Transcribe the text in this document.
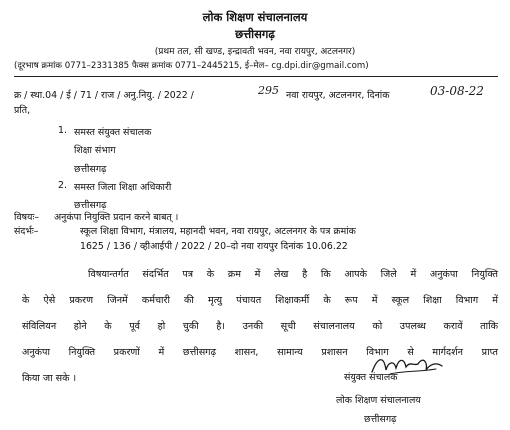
लोक शिक्षण संचालनालय
छत्तीसगढ़
(प्रथम तल, सी खण्ड, इन्द्रावती भवन, नवा रायपुर, अटलनगर)
(दूरभाष क्रमांक 0771–2331385 फैक्स क्रमांक 0771–2445215, ई–मेल– cg.dpi.dir@gmail.com)
क्र / स्था.04 / ई / 71 / राज / अनु.नियु. / 2022 /	295 नवा रायपुर, अटलनगर, दिनांक	03-08-22
प्रति,
1. समस्त संयुक्त संचालक
शिक्षा संभाग
छत्तीसगढ़
2. समस्त जिला शिक्षा अधिकारी
छत्तीसगढ़
विषयः– अनुकंपा नियुक्ति प्रदान करने बाबत् ।
संदर्भः–	स्कूल शिक्षा विभाग, मंत्रालय, महानदी भवन, नवा रायपुर, अटलनगर के पत्र क्रमांक
1625 / 136 / व्हीआईपी / 2022 / 20–दो नवा रायपुर दिनांक 10.06.22
विषयान्तर्गत संदर्भित पत्र के क्रम में लेख है कि आपके जिले में अनुकंपा नियुक्ति
के ऐसे प्रकरण जिनमें कर्मचारी की मृत्यु पंचायत शिक्षाकर्मी के रूप में स्कूल शिक्षा विभाग में
संविलियन होने के पूर्व हो चुकी है। उनकी सूची संचालनालय को उपलब्ध करावें ताकि
अनुकंपा नियुक्ति प्रकरणों में छत्तीसगढ़ शासन, सामान्य प्रशासन विभाग से मार्गदर्शन प्राप्त
किया जा सके ।	संयुक्त संचालक
लोक शिक्षण संचालनालय
छत्तीसगढ़
